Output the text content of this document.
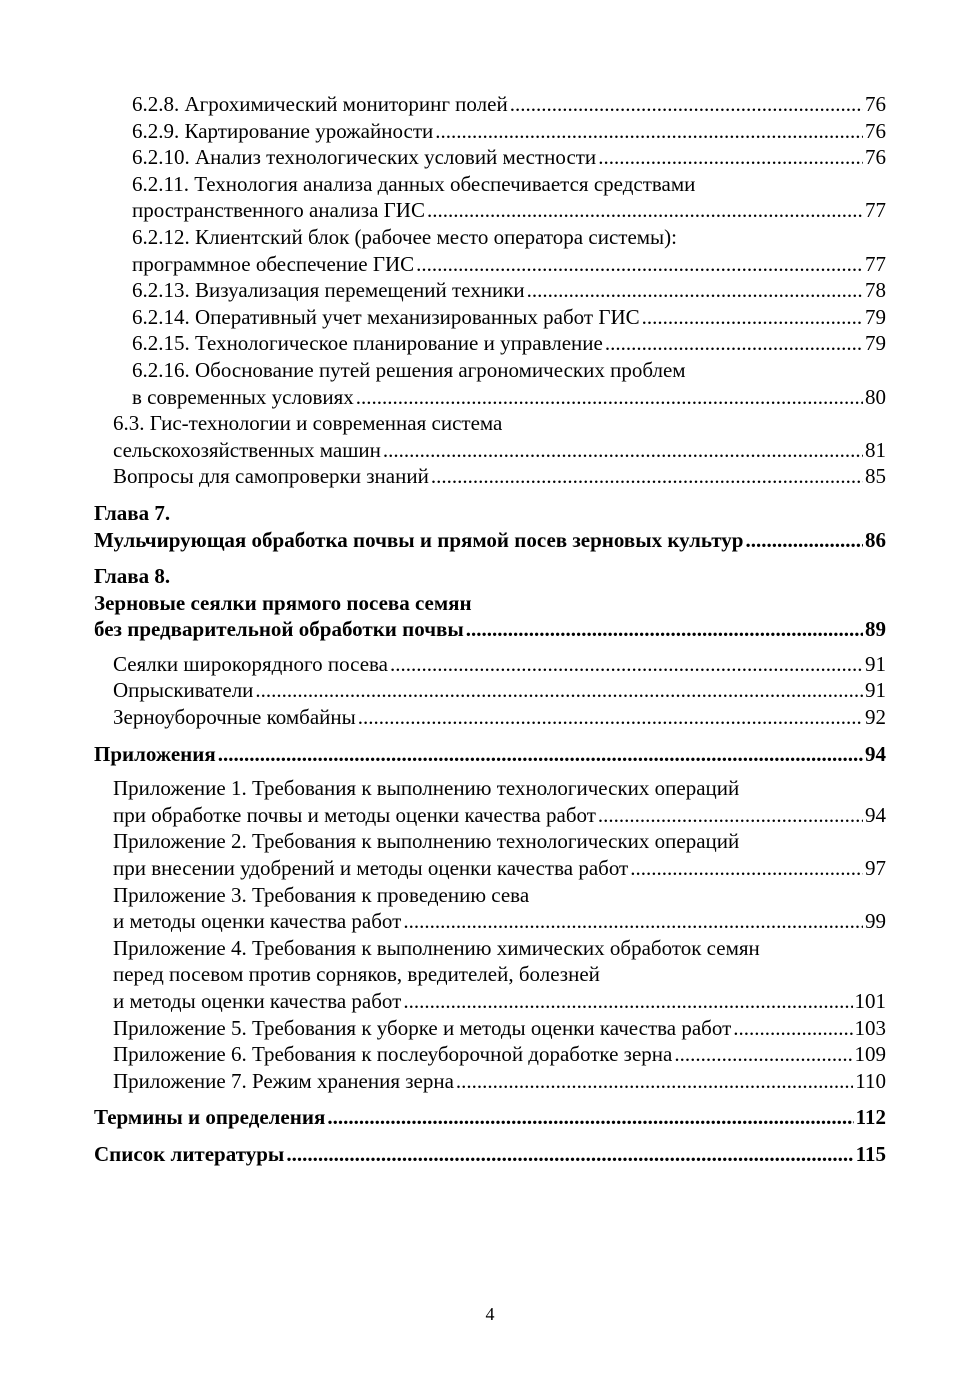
6.2.8. Агрохимический мониторинг полей .....	76
6.2.9. Картирование урожайности .....	76
6.2.10. Анализ технологических условий местности .....	76
6.2.11. Технология анализа данных обеспечивается средствами
пространственного анализа ГИС .....	77
6.2.12. Клиентский блок (рабочее место оператора системы):
программное обеспечение ГИС .....	77
6.2.13. Визуализация перемещений техники .....	78
6.2.14. Оперативный учет механизированных работ ГИС .....	79
6.2.15. Технологическое планирование и управление .....	79
6.2.16. Обоснование путей решения агрономических проблем
в современных условиях .....	80
6.3. Гис-технологии и современная система
сельскохозяйственных машин .....	81
Вопросы для самопроверки знаний .....	85
Глава 7.
Мульчирующая обработка почвы и прямой посев зерновых культур .....	86
Глава 8.
Зерновые сеялки прямого посева семян
без предварительной обработки почвы .....	89
Сеялки широкорядного посева .....	91
Опрыскиватели .....	91
Зерноуборочные комбайны .....	92
Приложения .....	94
Приложение 1. Требования к выполнению технологических операций
при обработке почвы и методы оценки качества работ .....	94
Приложение 2. Требования к выполнению технологических операций
при внесении удобрений и методы оценки качества работ .....	97
Приложение 3. Требования к проведению сева
и методы оценки качества работ .....	99
Приложение 4. Требования к выполнению химических обработок семян
перед посевом против сорняков, вредителей, болезней
и методы оценки качества работ .....	101
Приложение 5. Требования к уборке и методы оценки качества работ .....	103
Приложение 6. Требования к послеуборочной доработке зерна .....	109
Приложение 7. Режим хранения зерна .....	110
Термины и определения .....	112
Список литературы .....	115
4
